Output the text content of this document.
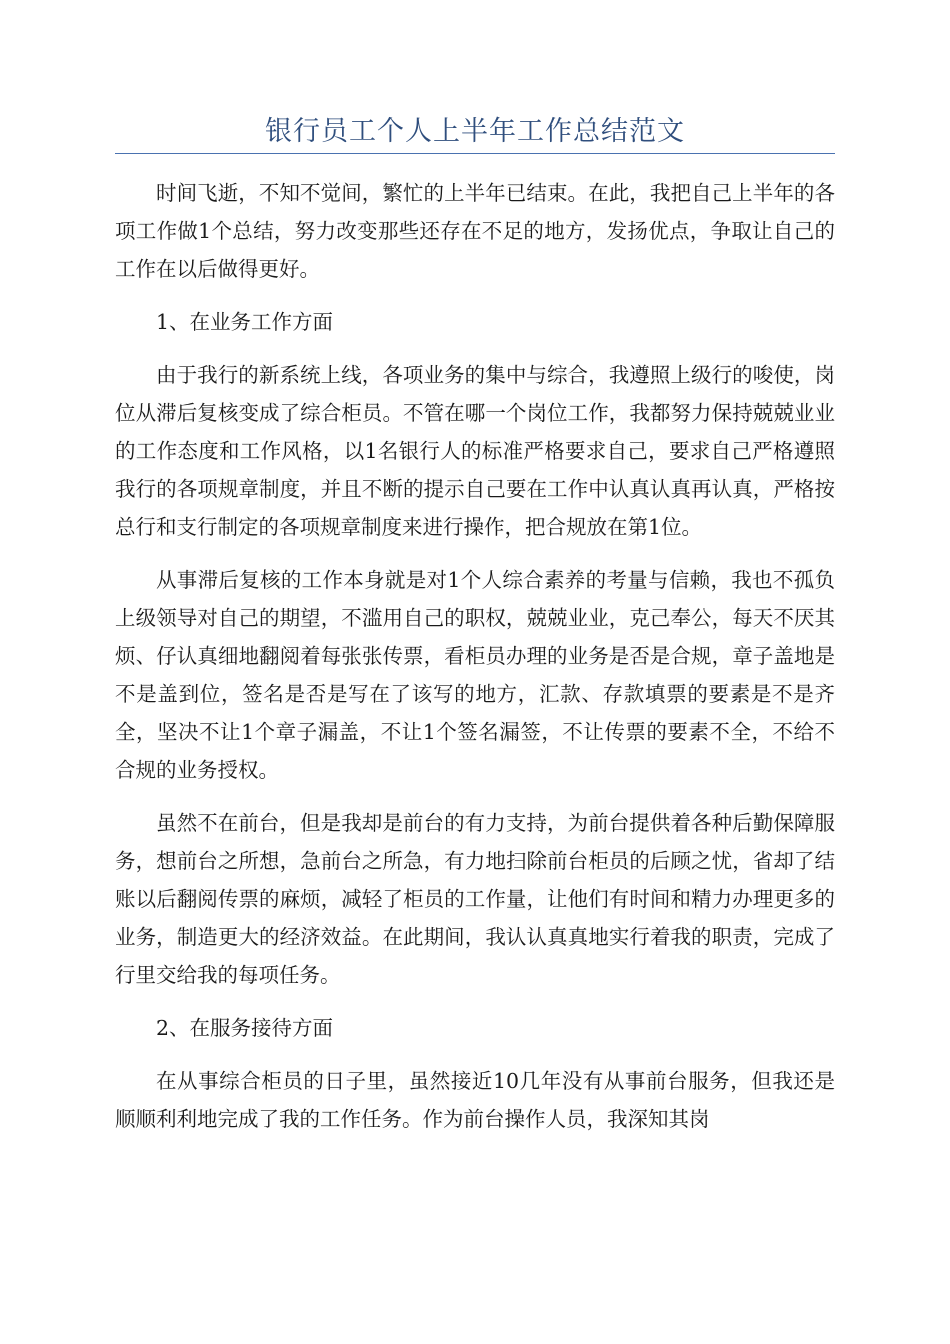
银行员工个人上半年工作总结范文

时间飞逝，不知不觉间，繁忙的上半年已结束。在此，我把自己上半年的各项工作做1个总结，努力改变那些还存在不足的地方，发扬优点，争取让自己的工作在以后做得更好。

1、在业务工作方面

由于我行的新系统上线，各项业务的集中与综合，我遵照上级行的唆使，岗位从滞后复核变成了综合柜员。不管在哪一个岗位工作，我都努力保持兢兢业业的工作态度和工作风格，以1名银行人的标准严格要求自己，要求自己严格遵照我行的各项规章制度，并且不断的提示自己要在工作中认真认真再认真，严格按总行和支行制定的各项规章制度来进行操作，把合规放在第1位。

从事滞后复核的工作本身就是对1个人综合素养的考量与信赖，我也不孤负上级领导对自己的期望，不滥用自己的职权，兢兢业业，克己奉公，每天不厌其烦、仔认真细地翻阅着每张张传票，看柜员办理的业务是否是合规，章子盖地是不是盖到位，签名是否是写在了该写的地方，汇款、存款填票的要素是不是齐全，坚决不让1个章子漏盖，不让1个签名漏签，不让传票的要素不全，不给不合规的业务授权。

虽然不在前台，但是我却是前台的有力支持，为前台提供着各种后勤保障服务，想前台之所想，急前台之所急，有力地扫除前台柜员的后顾之忧，省却了结账以后翻阅传票的麻烦，减轻了柜员的工作量，让他们有时间和精力办理更多的业务，制造更大的经济效益。在此期间，我认认真真地实行着我的职责，完成了行里交给我的每项任务。

2、在服务接待方面

在从事综合柜员的日子里，虽然接近10几年没有从事前台服务，但我还是顺顺利利地完成了我的工作任务。作为前台操作人员，我深知其岗
